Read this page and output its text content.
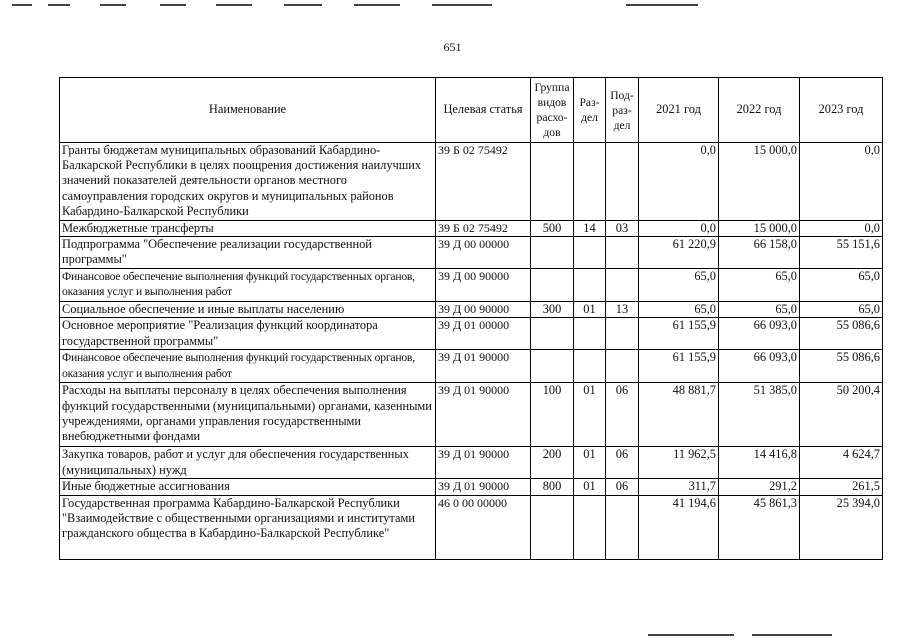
651
Наименование	Целевая статья	Группа видов расхо-дов	Раз-дел	Под-раз-дел	2021 год	2022 год	2023 год
Гранты бюджетам муниципальных образований Кабардино-Балкарской Республики в целях поощрения достижения наилучших значений показателей деятельности органов местного самоуправления городских округов и муниципальных районов Кабардино-Балкарской Республики	39 Б 02 75492				0,0	15 000,0	0,0
Межбюджетные трансферты	39 Б 02 75492	500	14	03	0,0	15 000,0	0,0
Подпрограмма "Обеспечение реализации государственной программы"	39 Д 00 00000				61 220,9	66 158,0	55 151,6
Финансовое обеспечение выполнения функций государственных органов, оказания услуг и выполнения работ	39 Д 00 90000				65,0	65,0	65,0
Социальное обеспечение и иные выплаты населению	39 Д 00 90000	300	01	13	65,0	65,0	65,0
Основное мероприятие "Реализация функций координатора государственной программы"	39 Д 01 00000				61 155,9	66 093,0	55 086,6
Финансовое обеспечение выполнения функций государственных органов, оказания услуг и выполнения работ	39 Д 01 90000				61 155,9	66 093,0	55 086,6
Расходы на выплаты персоналу в целях обеспечения выполнения функций государственными (муниципальными) органами, казенными учреждениями, органами управления государственными внебюджетными фондами	39 Д 01 90000	100	01	06	48 881,7	51 385,0	50 200,4
Закупка товаров, работ и услуг для обеспечения государственных (муниципальных) нужд	39 Д 01 90000	200	01	06	11 962,5	14 416,8	4 624,7
Иные бюджетные ассигнования	39 Д 01 90000	800	01	06	311,7	291,2	261,5
Государственная программа Кабардино-Балкарской Республики "Взаимодействие с общественными организациями и институтами гражданского общества в Кабардино-Балкарской Республике"	46 0 00 00000				41 194,6	45 861,3	25 394,0
